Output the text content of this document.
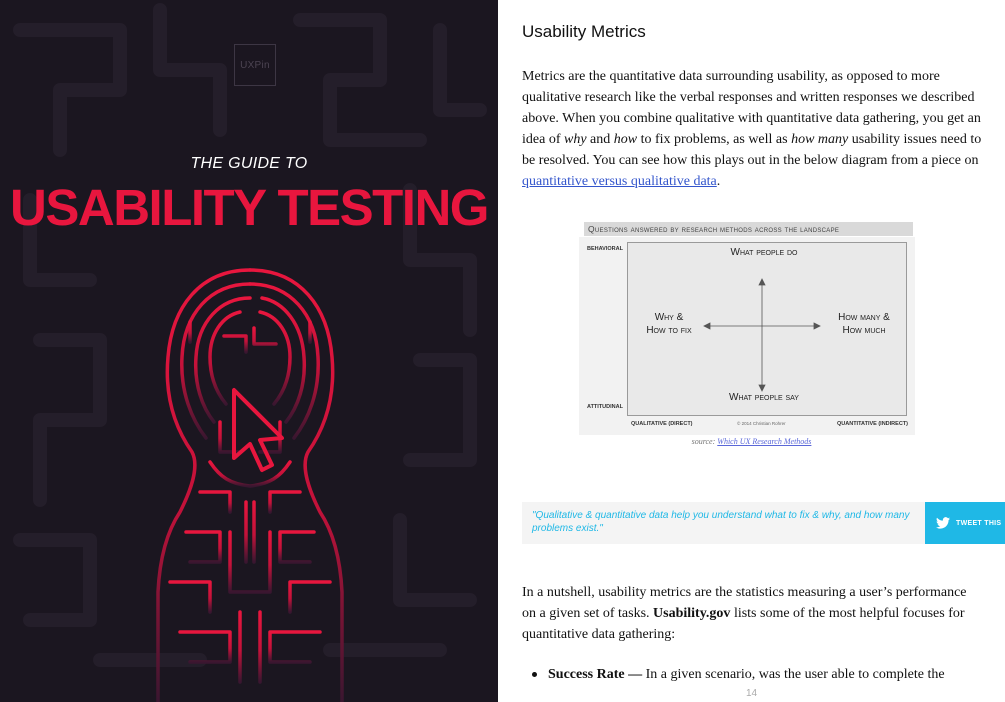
UXPin
THE GUIDE TO
USABILITY TESTING
Usability Metrics

Metrics are the quantitative data surrounding usability, as opposed to more qualitative research like the verbal responses and written responses we described above. When you combine qualitative with quantitative data gathering, you get an idea of why and how to fix problems, as well as how many usability issues need to be resolved. You can see how this plays out in the below diagram from a piece on quantitative versus qualitative data.

Questions answered by research methods across the landscape
What people do
What people say
Why &
How to fix
How many &
How much
BEHAVIORAL
ATTITUDINAL
QUALITATIVE (DIRECT)	QUANTITATIVE (INDIRECT)
© 2014 Christian Rohrer
source: Which UX Research Methods
"Qualitative & quantitative data help you understand what to fix & why, and how many problems exist."	TWEET THIS

In a nutshell, usability metrics are the statistics measuring a user’s performance on a given set of tasks. Usability.gov lists some of the most helpful focuses for quantitative data gathering:

Success Rate — In a given scenario, was the user able to complete the
14
